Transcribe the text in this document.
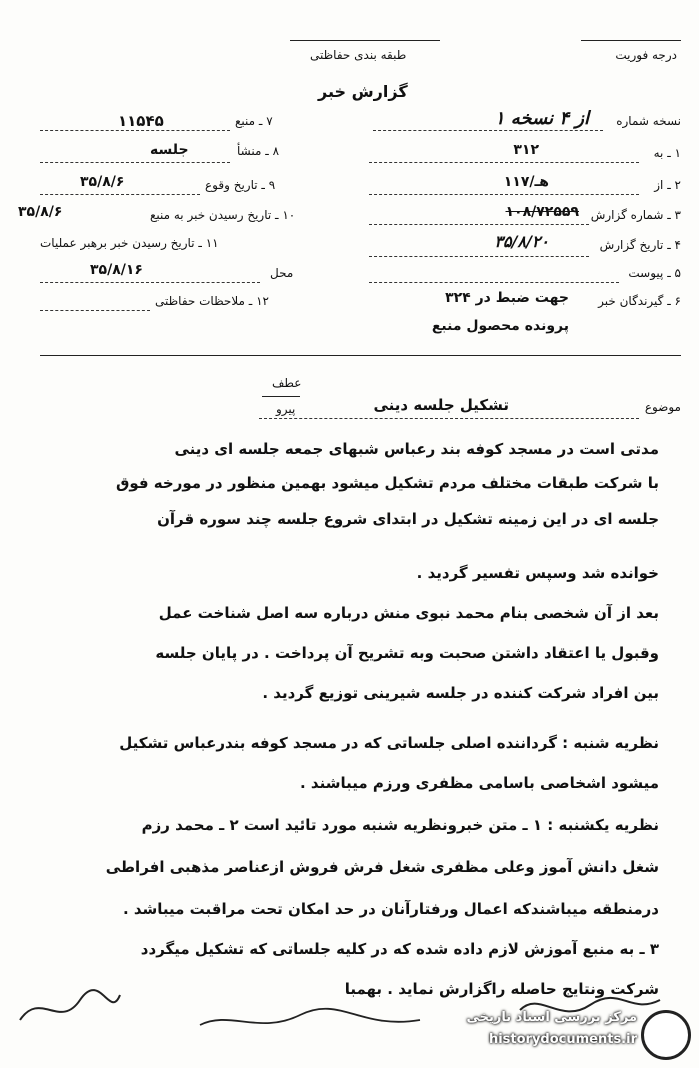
درجه فوریت
طبقه بندی حفاظتی
گزارش خبر
نسخه شماره
۱ از ۴ نسخه
۱ ـ به
۳۱۲
۲ ـ از
۱۱۷/هـ
۳ ـ شماره گزارش
۱۰۸/۷۲۵۵۹
۴ ـ تاریخ گزارش
۳۵/۸/۲۰
۵ ـ پیوست
۶ ـ گیرندگان خبر
۳۲۴ جهت ضبط در
پرونده محصول منبع
۷ ـ منبع
۱۱۵۴۵
۸ ـ منشأ
جلسه
۹ ـ تاریخ وقوع
۳۵/۸/۶
۱۰ ـ تاریخ رسیدن خبر به منبع
۳۵/۸/۶
۱۱ ـ تاریخ رسیدن خبر برهبر عملیات
محل
۳۵/۸/۱۶
۱۲ ـ ملاحظات حفاظتی
موضوع
تشکیل جلسه دینی
عطف
پیرو
مدتی است در مسجد کوفه بند رعباس شبهای جمعه جلسه ای دینی
با شرکت طبقات مختلف مردم تشکیل میشود بهمین منظور در مورخه فوق
جلسه ای در این زمینه تشکیل در ابتدای شروع جلسه چند سوره قرآن
خوانده شد وسپس تفسیر گردید .
بعد از آن شخصی بنام محمد نبوی منش درباره سه اصل شناخت عمل
وقبول یا اعتقاد داشتن صحبت وبه تشریح آن پرداخت . در پایان جلسه
بین افراد شرکت کننده در جلسه شیرینی توزیع گردید .
نظریه شنبه : گرداننده اصلی جلساتی که در مسجد کوفه بندرعباس تشکیل
میشود اشخاصی باسامی مظفری ورزم میباشند .
نظریه یکشنبه : ۱ ـ متن خبرونظریه شنبه مورد تائید است ۲ ـ محمد رزم
شغل دانش آموز وعلی مظفری شغل فرش فروش ازعناصر مذهبی افراطی
درمنطقه میباشندکه اعمال ورفتارآنان در حد امکان تحت مراقبت میباشد .
۳ ـ به منبع آموزش لازم داده شده که در کلیه جلساتی که تشکیل میگردد
شرکت ونتایج حاصله راگزارش نماید . بهمبا
مرکز بررسی اسناد تاریخی
historydocuments.ir
